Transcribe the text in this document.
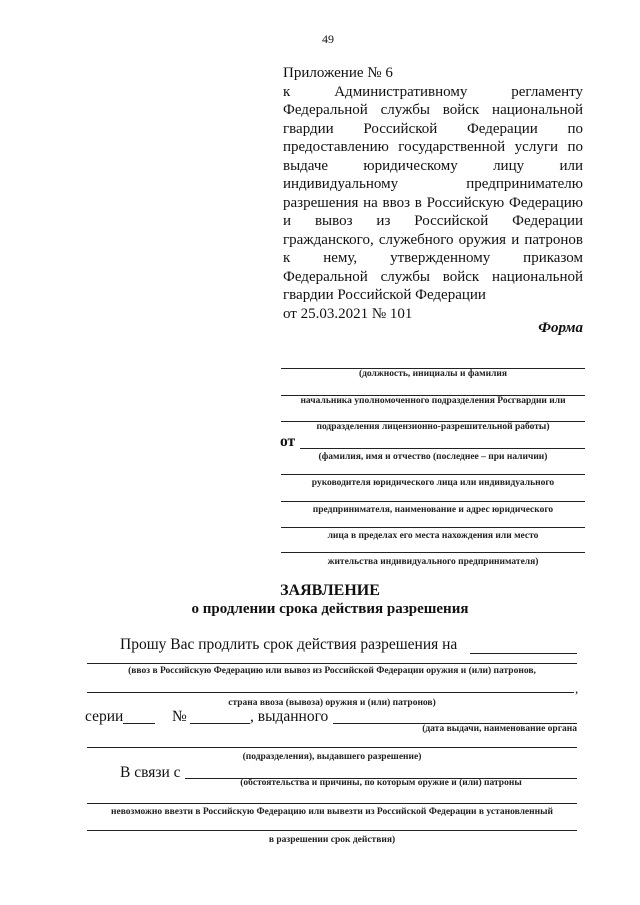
49
Приложение № 6
к Административному регламенту
Федеральной службы войск национальной
гвардии Российской Федерации по
предоставлению государственной услуги по
выдаче юридическому лицу или
индивидуальному предпринимателю
разрешения на ввоз в Российскую Федерацию
и вывоз из Российской Федерации
гражданского, служебного оружия и патронов
к нему, утвержденному приказом
Федеральной службы войск национальной
гвардии Российской Федерации
от 25.03.2021 № 101
Форма
(должность, инициалы и фамилия
начальника уполномоченного подразделения Росгвардии или
подразделения лицензионно-разрешительной работы)
от
(фамилия, имя и отчество (последнее – при наличии)
руководителя юридического лица или индивидуального
предпринимателя, наименование и адрес юридического
лица в пределах его места нахождения или место
жительства индивидуального предпринимателя)
ЗАЯВЛЕНИЕ
о продлении срока действия разрешения
Прошу Вас продлить срок действия разрешения на
(ввоз в Российскую Федерацию или вывоз из Российской Федерации оружия и (или) патронов,
,
страна ввоза (вывоза) оружия и (или) патронов)
серии	№	, выданного
(дата выдачи, наименование органа
(подразделения), выдавшего разрешение)
В связи с
(обстоятельства и причины, по которым оружие и (или) патроны
невозможно ввезти в Российскую Федерацию или вывезти из Российской Федерации в установленный
в разрешении срок действия)
